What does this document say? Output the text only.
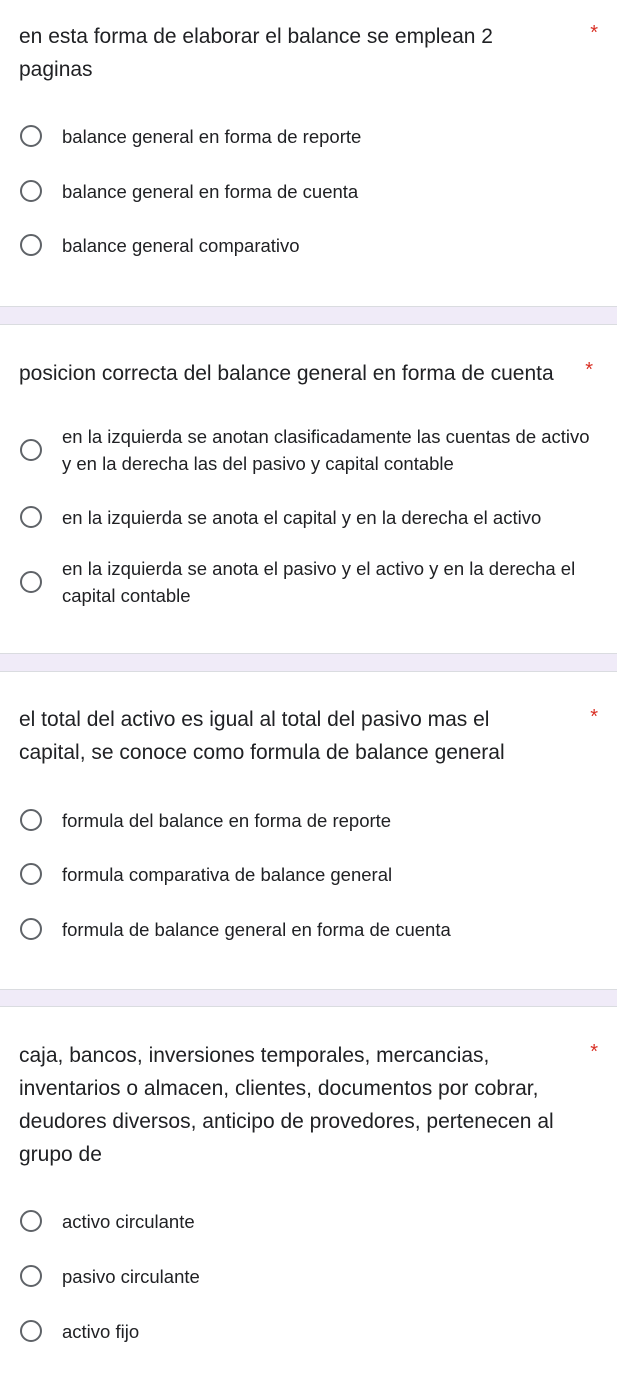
en esta forma de elaborar el balance se emplean 2 paginas
*
balance general en forma de reporte
balance general en forma de cuenta
balance general comparativo
posicion correcta del balance general en forma de cuenta	*
en la izquierda se anotan clasificadamente las cuentas de activo y en la derecha las del pasivo y capital contable
en la izquierda se anota el capital y en la derecha el activo
en la izquierda se anota el pasivo y el activo y en la derecha el capital contable
el total del activo es igual al total del pasivo mas el capital, se conoce como formula de balance general
*
formula del balance en forma de reporte
formula comparativa de balance general
formula de balance general en forma de cuenta
caja, bancos, inversiones temporales, mercancias, inventarios o almacen, clientes, documentos por cobrar, deudores diversos, anticipo de provedores, pertenecen al grupo de
*
activo circulante
pasivo circulante
activo fijo
